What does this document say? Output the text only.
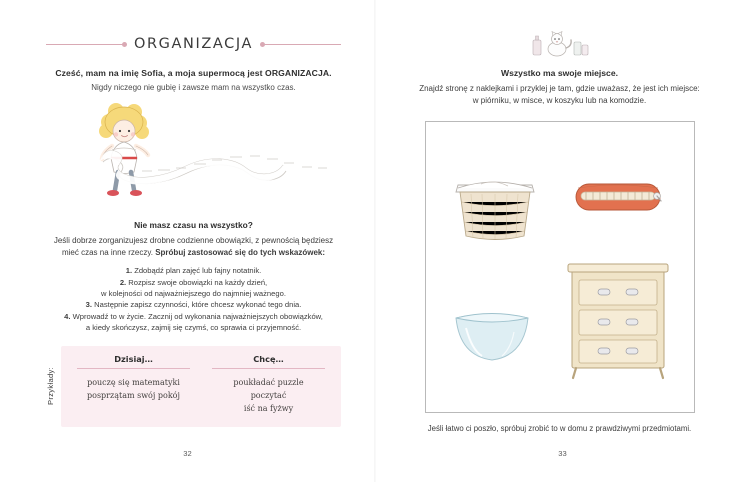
ORGANIZACJA
Cześć, mam na imię Sofia, a moja supermocą jest ORGANIZACJA.
Nigdy niczego nie gubię i zawsze mam na wszystko czas.
Nie masz czasu na wszystko?
Jeśli dobrze zorganizujesz drobne codzienne obowiązki, z pewnością będziesz
mieć czas na inne rzeczy. Spróbuj zastosować się do tych wskazówek:
1. Zdobądź plan zajęć lub fajny notatnik.
2. Rozpisz swoje obowiązki na każdy dzień,
w kolejności od najważniejszego do najmniej ważnego.
3. Następnie zapisz czynności, które chcesz wykonać tego dnia.
4. Wprowadź to w życie. Zacznij od wykonania najważniejszych obowiązków,
a kiedy skończysz, zajmij się czymś, co sprawia ci przyjemność.
Przykłady:
Dzisiaj…
pouczę się matematyki
posprzątam swój pokój
Chcę…
poukładać puzzle
poczytać
iść na fyżwy
32
Wszystko ma swoje miejsce.
Znajdź stronę z naklejkami i przyklej je tam, gdzie uważasz, że jest ich miejsce:
w piórniku, w misce, w koszyku lub na komodzie.
Jeśli łatwo ci poszło, spróbuj zrobić to w domu z prawdziwymi przedmiotami.
33
